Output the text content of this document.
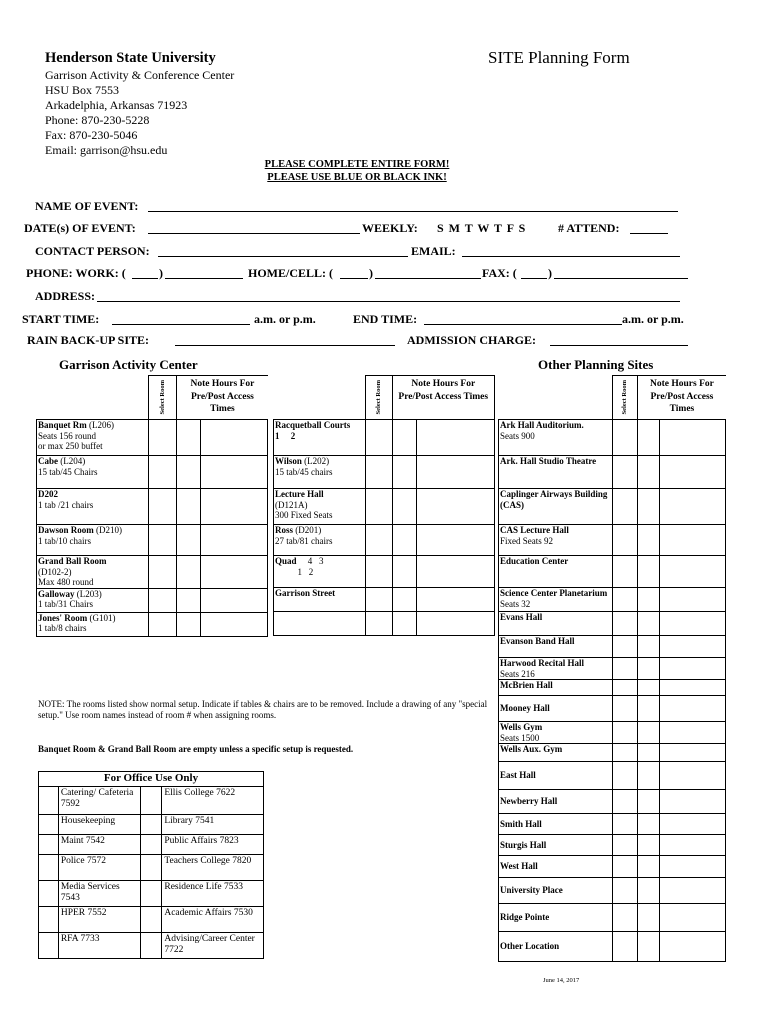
Henderson State University
Garrison Activity & Conference Center
HSU Box 7553
Arkadelphia, Arkansas 71923
Phone: 870-230-5228
Fax: 870-230-5046
Email: garrison@hsu.edu
SITE Planning Form
PLEASE COMPLETE ENTIRE FORM!
PLEASE USE BLUE OR BLACK INK!
NAME OF EVENT:
DATE(s) OF EVENT:	WEEKLY: S M T W T F S	# ATTEND:
CONTACT PERSON:	EMAIL:
PHONE: WORK: (	)	HOME/CELL: (	)	FAX: (	)
ADDRESS:
START TIME:	a.m. or p.m.	END TIME:	a.m. or p.m.
RAIN BACK-UP SITE:	ADMISSION CHARGE:
Garrison Activity Center	Other Planning Sites
	Select Room	Note Hours For Pre/Post Access Times	
Banquet Rm (L206)
Seats 156 round
or max 250 buffet			
Cabe (L204)
15 tab/45 Chairs			
D202
1 tab /21 chairs			
Dawson Room (D210)
1 tab/10 chairs			
Grand Ball Room
(D102-2)
Max 480 round			
Galloway (L203)
1 tab/31 Chairs			
Jones' Room (G101)
1 tab/8 chairs			
	Select Room	Note Hours For Pre/Post Access Times	
Racquetball Courts
1     2			
Wilson (L202)
15 tab/45 chairs			
Lecture Hall
(D121A)
300 Fixed Seats			
Ross (D201)
27 tab/81 chairs			
Quad     4   3
1   2			
Garrison Street			

	Select Room	Note Hours For Pre/Post Access Times	
Ark Hall Auditorium.
Seats 900			
Ark. Hall Studio Theatre			
Caplinger Airways Building (CAS)			
CAS Lecture Hall
Fixed Seats 92			
Education Center			
Science Center Planetarium Seats 32			
Evans Hall			
Evanson Band Hall			
Harwood Recital Hall
Seats 216			
McBrien Hall			
Mooney Hall			
Wells Gym
Seats 1500			
Wells Aux. Gym			
East Hall			
Newberry Hall			
Smith Hall			
Sturgis Hall			
West Hall			
University Place			
Ridge Pointe			
Other Location			
NOTE: The rooms listed show normal setup. Indicate if tables & chairs are to be removed. Include a drawing of any "special setup." Use room names instead of room # when assigning rooms.
Banquet Room & Grand Ball Room are empty unless a specific setup is requested.
For Office Use Only			
	Catering/ Cafeteria 7592		Ellis College 7622
	Housekeeping		Library 7541
	Maint 7542		Public Affairs 7823
	Police 7572		Teachers College 7820
	Media Services 7543		Residence Life 7533
	HPER 7552		Academic Affairs 7530
	RFA 7733		Advising/Career Center 7722
June 14, 2017
